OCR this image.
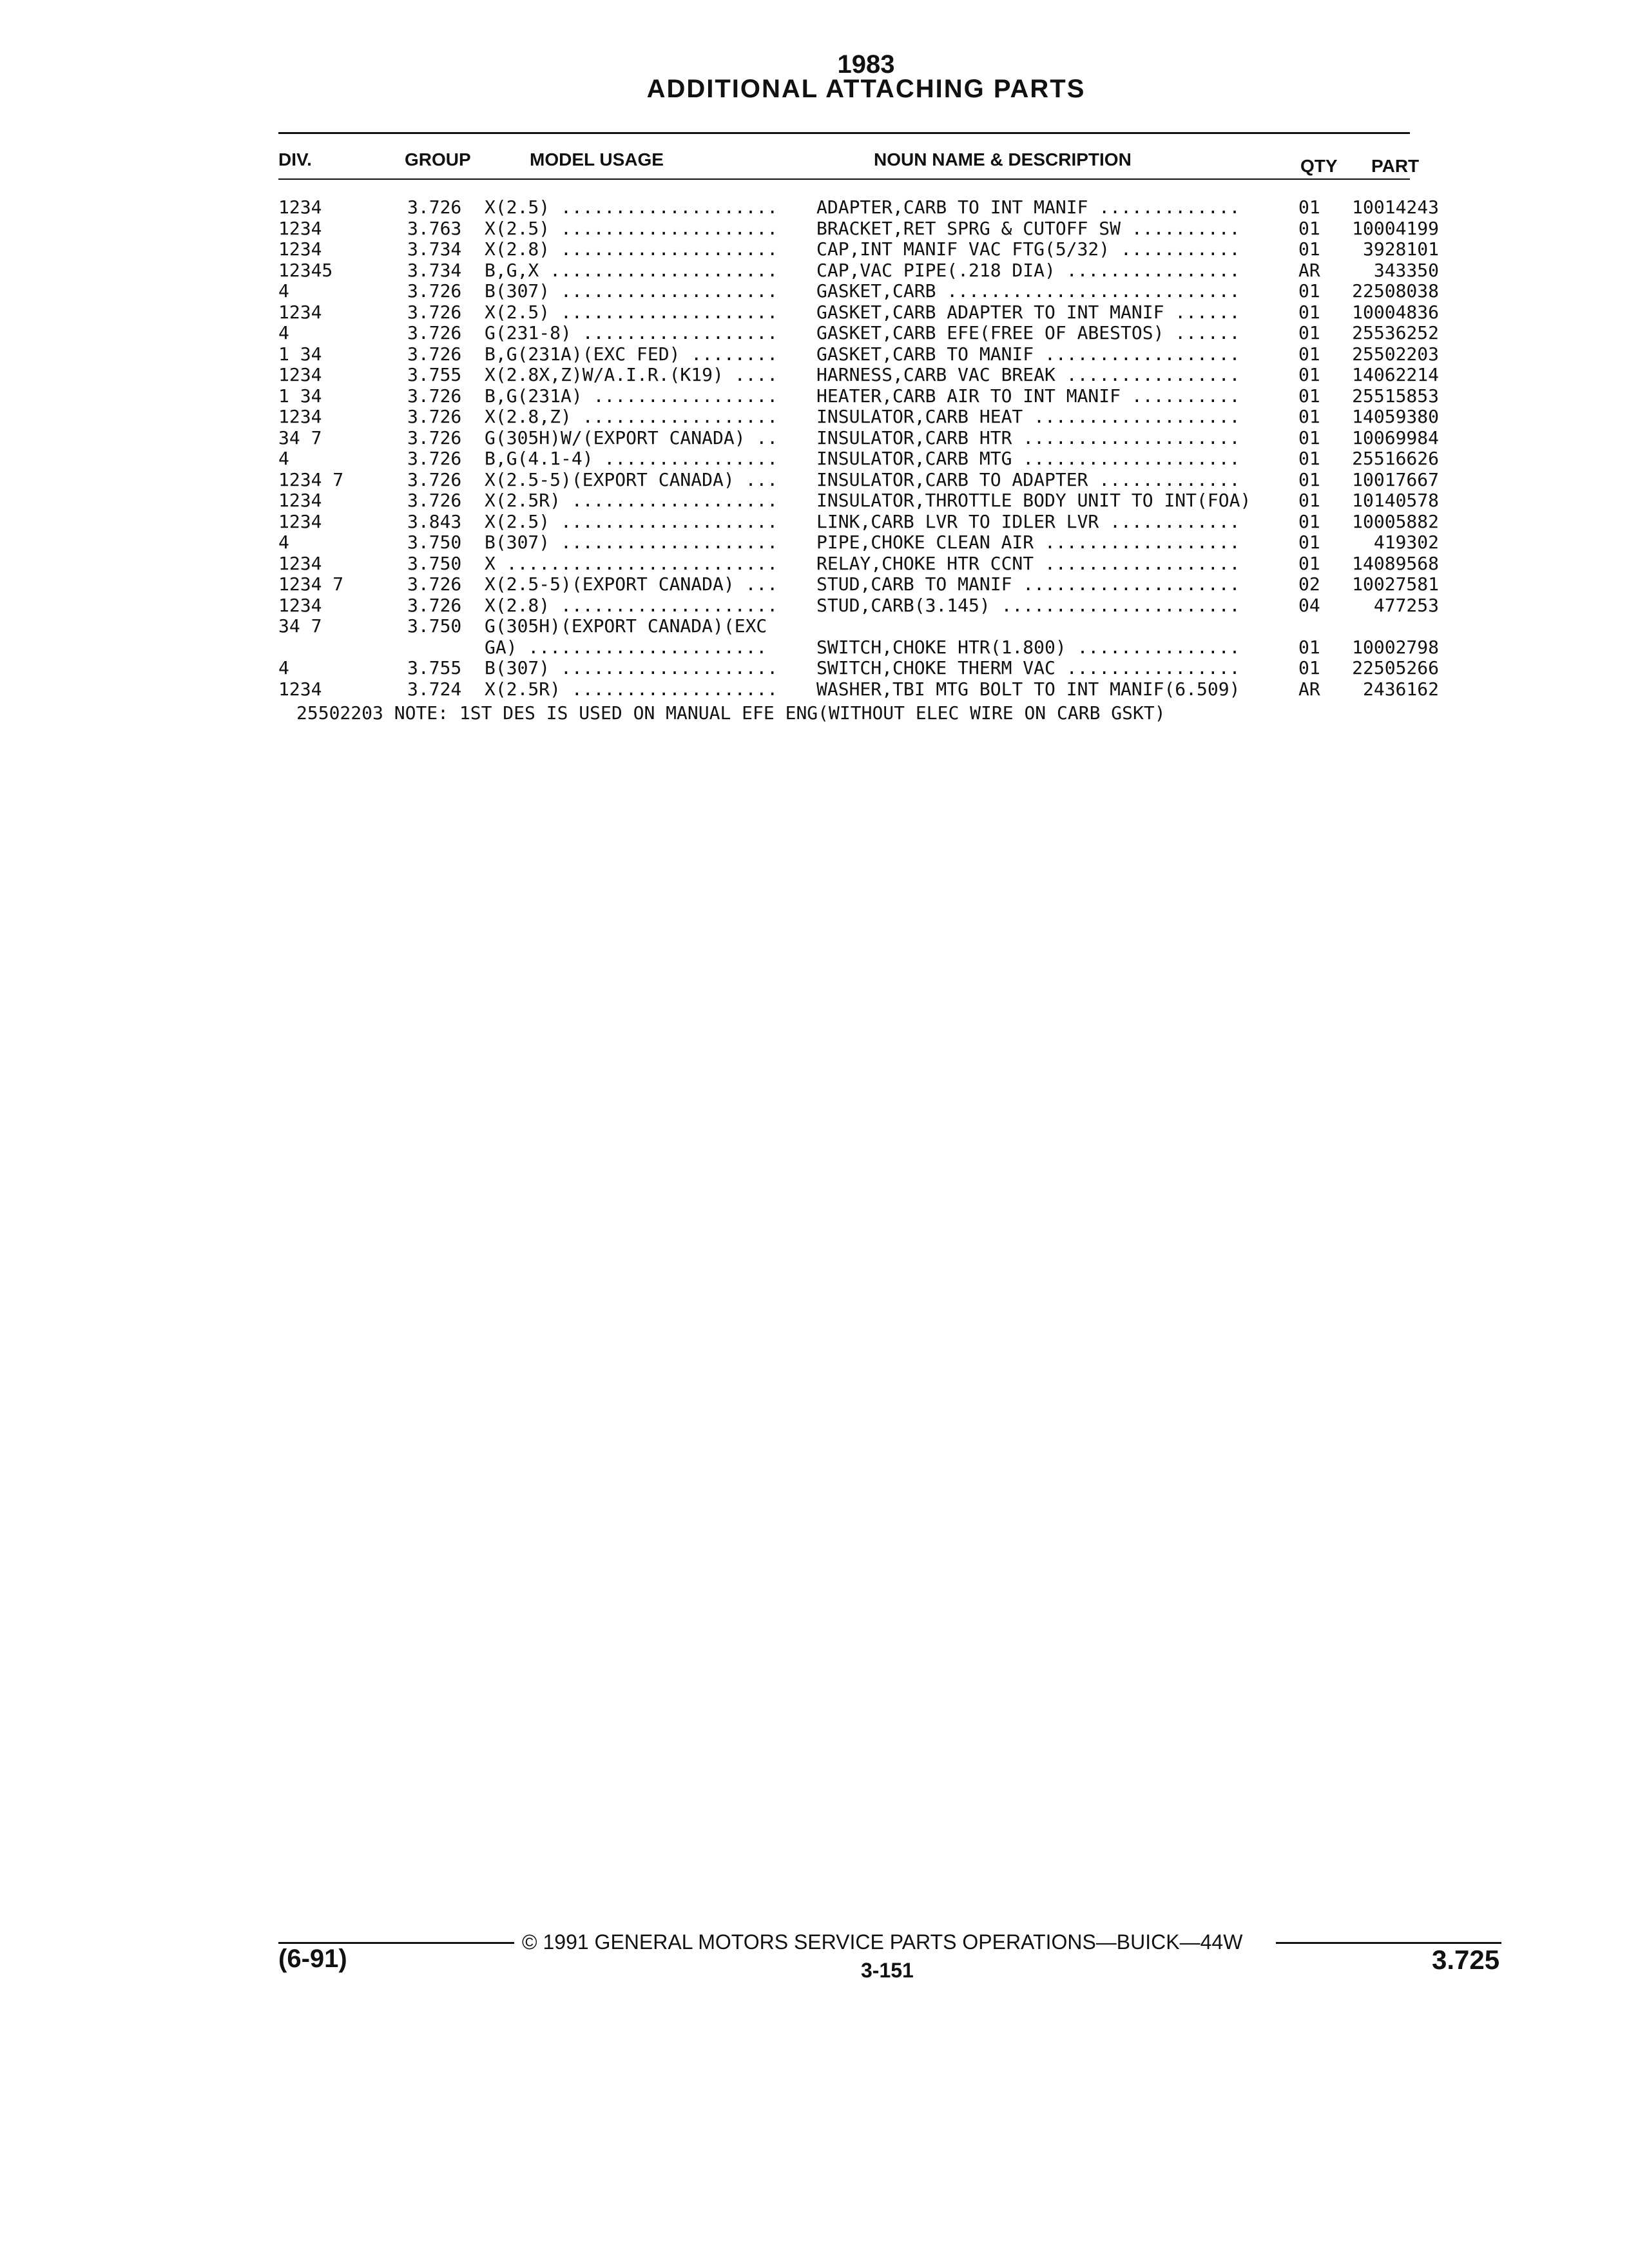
1983
ADDITIONAL ATTACHING PARTS
DIV.	GROUP	MODEL USAGE	NOUN NAME & DESCRIPTION	QTY PART
1234	3.726 X(2.5) .................... ADAPTER,CARB TO INT MANIF .............	01 10014243
1234	3.763 X(2.5) .................... BRACKET,RET SPRG & CUTOFF SW ..........	01 10004199
1234	3.734 X(2.8) .................... CAP,INT MANIF VAC FTG(5/32) ...........	01 3928101
12345	3.734 B,G,X ..................... CAP,VAC PIPE(.218 DIA) ................	AR	343350
4	3.726 B(307) .................... GASKET,CARB ...........................	01 22508038
1234	3.726 X(2.5) .................... GASKET,CARB ADAPTER TO INT MANIF ......	01 10004836
4	3.726 G(231-8) .................. GASKET,CARB EFE(FREE OF ABESTOS) ......	01 25536252
1 34	3.726 B,G(231A)(EXC FED) ........ GASKET,CARB TO MANIF ..................	01 25502203
1234	3.755 X(2.8X,Z)W/A.I.R.(K19) .... HARNESS,CARB VAC BREAK ................	01 14062214
1 34	3.726 B,G(231A) ................. HEATER,CARB AIR TO INT MANIF ..........	01 25515853
1234	3.726 X(2.8,Z) .................. INSULATOR,CARB HEAT ...................	01 14059380
34 7	3.726 G(305H)W/(EXPORT CANADA) .. INSULATOR,CARB HTR ....................	01 10069984
4	3.726 B,G(4.1-4) ................ INSULATOR,CARB MTG ....................	01 25516626
1234 7	3.726 X(2.5-5)(EXPORT CANADA) ... INSULATOR,CARB TO ADAPTER .............	01 10017667
1234	3.726 X(2.5R) ................... INSULATOR,THROTTLE BODY UNIT TO INT(FOA)	01 10140578
1234	3.843 X(2.5) .................... LINK,CARB LVR TO IDLER LVR ............	01 10005882
4	3.750 B(307) .................... PIPE,CHOKE CLEAN AIR ..................	01	419302
1234	3.750 X ......................... RELAY,CHOKE HTR CCNT ..................	01 14089568
1234 7	3.726 X(2.5-5)(EXPORT CANADA) ... STUD,CARB TO MANIF ....................	02 10027581
1234	3.726 X(2.8) .................... STUD,CARB(3.145) ......................	04	477253
34 7	3.750 G(305H)(EXPORT CANADA)(EXC
GA) ......................	SWITCH,CHOKE HTR(1.800) ...............	01 10002798
4	3.755 B(307) .................... SWITCH,CHOKE THERM VAC ................	01 22505266
1234	3.724 X(2.5R) ................... WASHER,TBI MTG BOLT TO INT MANIF(6.509)	AR 2436162
25502203 NOTE: 1ST DES IS USED ON MANUAL EFE ENG(WITHOUT ELEC WIRE ON CARB GSKT)
© 1991 GENERAL MOTORS SERVICE PARTS OPERATIONS—BUICK—44W
(6-91)	3-151	3.725
